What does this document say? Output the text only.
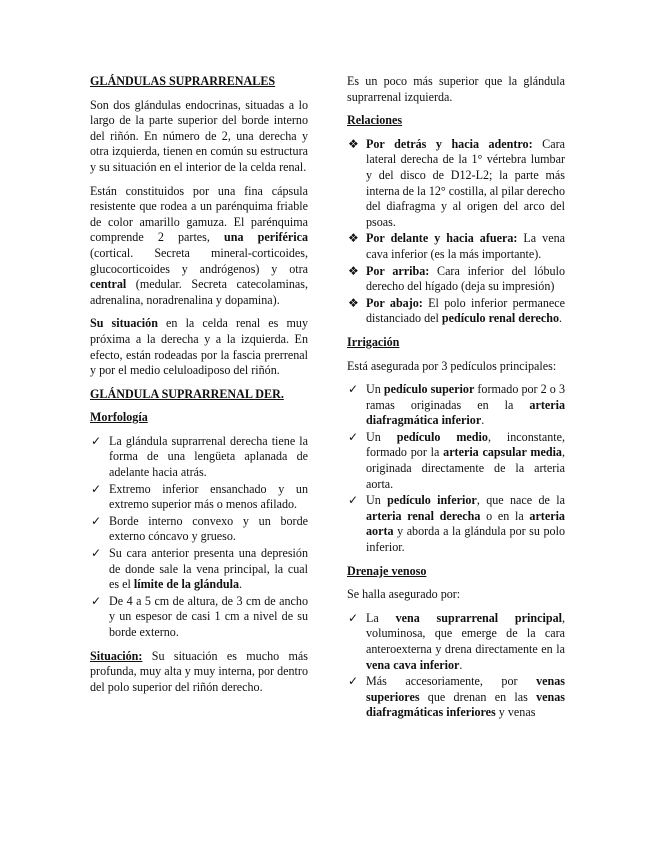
GLÁNDULAS SUPRARRENALES

Son dos glándulas endocrinas, situadas a lo largo de la parte superior del borde interno del riñón. En número de 2, una derecha y otra izquierda, tienen en común su estructura y su situación en el interior de la celda renal.

Están constituidos por una fina cápsula resistente que rodea a un parénquima friable de color amarillo gamuza. El parénquima comprende 2 partes, una periférica (cortical. Secreta mineral-corticoides, glucocorticoides y andrógenos) y otra central (medular. Secreta catecolaminas, adrenalina, noradrenalina y dopamina).

Su situación en la celda renal es muy próxima a la derecha y a la izquierda. En efecto, están rodeadas por la fascia prerrenal y por el medio celuloadiposo del riñón.

GLÁNDULA SUPRARRENAL DER.

Morfología

✓ La glándula suprarrenal derecha tiene la forma de una lengüeta aplanada de adelante hacia atrás.
✓ Extremo inferior ensanchado y un extremo superior más o menos afilado.
✓ Borde interno convexo y un borde externo cóncavo y grueso.
✓ Su cara anterior presenta una depresión de donde sale la vena principal, la cual es el límite de la glándula.
✓ De 4 a 5 cm de altura, de 3 cm de ancho y un espesor de casi 1 cm a nivel de su borde externo.

Situación: Su situación es mucho más profunda, muy alta y muy interna, por dentro del polo superior del riñón derecho.

Es un poco más superior que la glándula suprarrenal izquierda.

Relaciones

❖ Por detrás y hacia adentro: Cara lateral derecha de la 1° vértebra lumbar y del disco de D12-L2; la parte más interna de la 12° costilla, al pilar derecho del diafragma y al origen del arco del psoas.
❖ Por delante y hacia afuera: La vena cava inferior (es la más importante).
❖ Por arriba: Cara inferior del lóbulo derecho del hígado (deja su impresión)
❖ Por abajo: El polo inferior permanece distanciado del pedículo renal derecho.

Irrigación

Está asegurada por 3 pedículos principales:

✓ Un pedículo superior formado por 2 o 3 ramas originadas en la arteria diafragmática inferior.
✓ Un pedículo medio, inconstante, formado por la arteria capsular media, originada directamente de la arteria aorta.
✓ Un pedículo inferior, que nace de la arteria renal derecha o en la arteria aorta y aborda a la glándula por su polo inferior.

Drenaje venoso

Se halla asegurado por:

✓ La vena suprarrenal principal, voluminosa, que emerge de la cara anteroexterna y drena directamente en la vena cava inferior.
✓ Más accesoriamente, por venas superiores que drenan en las venas diafragmáticas inferiores y venas
